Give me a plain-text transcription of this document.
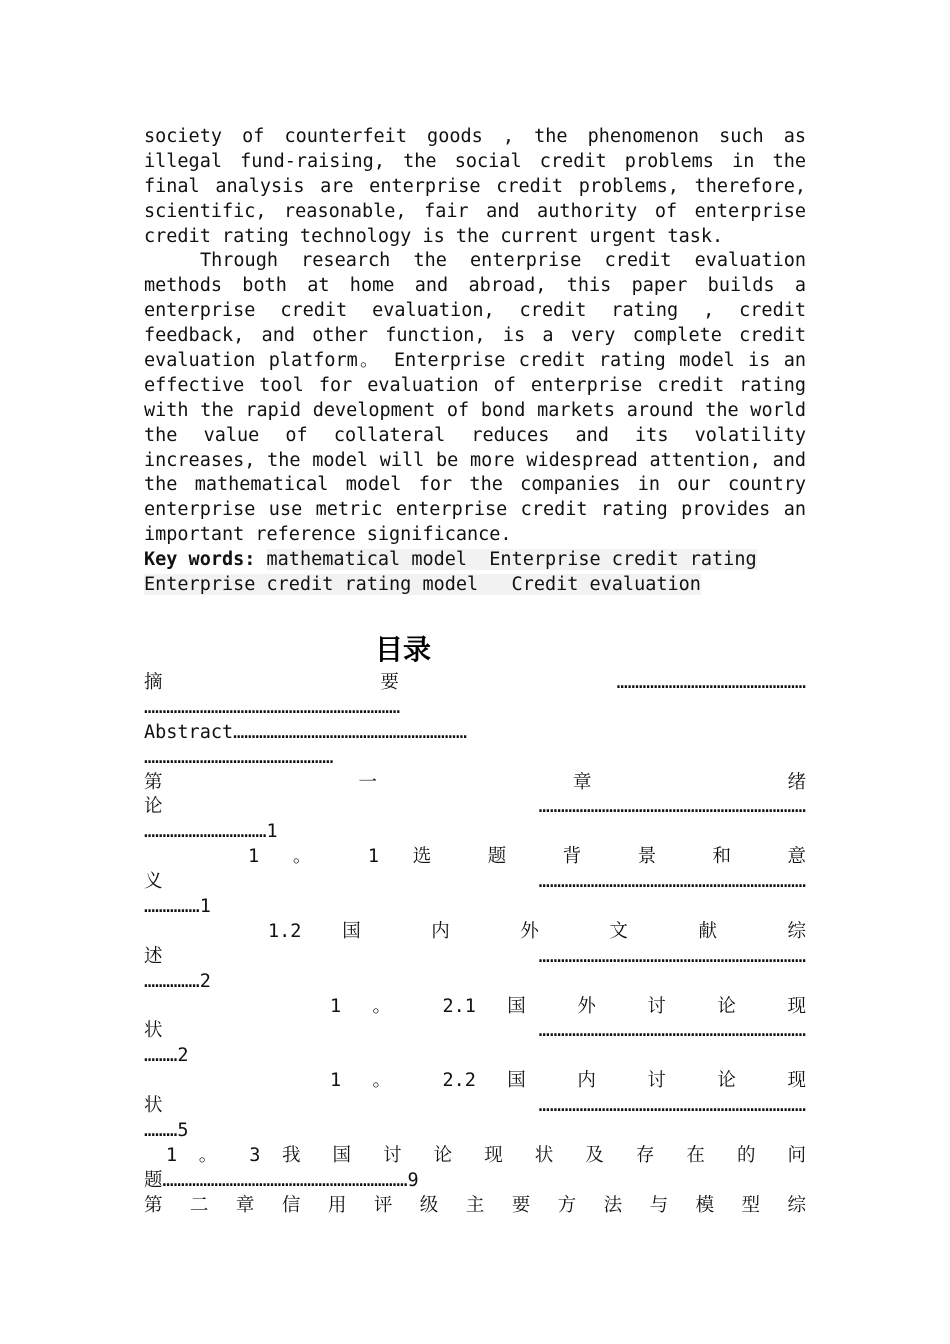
society of counterfeit goods , the phenomenon such as
illegal fund-raising, the social credit problems in the
final analysis are enterprise credit problems, therefore,
scientific, reasonable, fair and authority of enterprise
credit rating technology is the current urgent task.
Through research the enterprise credit evaluation
methods both at home and abroad, this paper builds a
enterprise credit evaluation, credit rating , credit
feedback, and other function, is a very complete credit
evaluation platform。 Enterprise credit rating model is an
effective tool for evaluation of enterprise credit rating
with the rapid development of bond markets around the world
the value of collateral reduces and its volatility
increases, the model will be more widespread attention, and
the mathematical model for the companies in our country
enterprise use metric enterprise credit rating provides an
important reference significance.
Key words: mathematical model  Enterprise credit rating
Enterprise credit rating model   Credit evaluation
目录
摘 要 ……………………………………………
……………………………………………………………
Abstract………………………………………………………
……………………………………………
第 一 章 绪
论 ………………………………………………………………
……………………………1
1 。 1 选 题 背 景 和 意
义 ………………………………………………………………
……………1
1.2 国 内 外 文 献 综
述 ………………………………………………………………
……………2
1 。 2.1 国 外 讨 论 现
状 ………………………………………………………………
………2
1 。 2.2 国 内 讨 论 现
状 ………………………………………………………………
………5
1 。 3 我 国 讨 论 现 状 及 存 在 的 问
题…………………………………………………………9
第 二 章 信 用 评 级 主 要 方 法 与 模 型 综
